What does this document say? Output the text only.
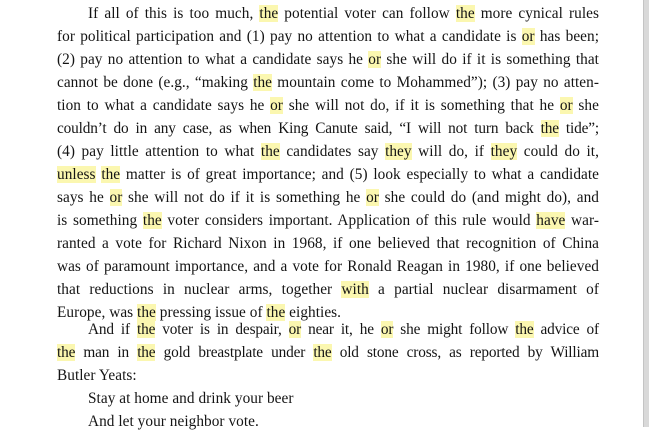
If all of this is too much, the potential voter can follow the more cynical rules
for political participation and (1) pay no attention to what a candidate is or has been;
(2) pay no attention to what a candidate says he or she will do if it is something that
cannot be done (e.g., “making the mountain come to Mohammed”); (3) pay no atten-
tion to what a candidate says he or she will not do, if it is something that he or she
couldn’t do in any case, as when King Canute said, “I will not turn back the tide”;
(4) pay little attention to what the candidates say they will do, if they could do it,
unless the matter is of great importance; and (5) look especially to what a candidate
says he or she will not do if it is something he or she could do (and might do), and
is something the voter considers important. Application of this rule would have war-
ranted a vote for Richard Nixon in 1968, if one believed that recognition of China
was of paramount importance, and a vote for Ronald Reagan in 1980, if one believed
that reductions in nuclear arms, together with a partial nuclear disarmament of
Europe, was the pressing issue of the eighties.
And if the voter is in despair, or near it, he or she might follow the advice of
the man in the gold breastplate under the old stone cross, as reported by William
Butler Yeats:
Stay at home and drink your beer
And let your neighbor vote.
